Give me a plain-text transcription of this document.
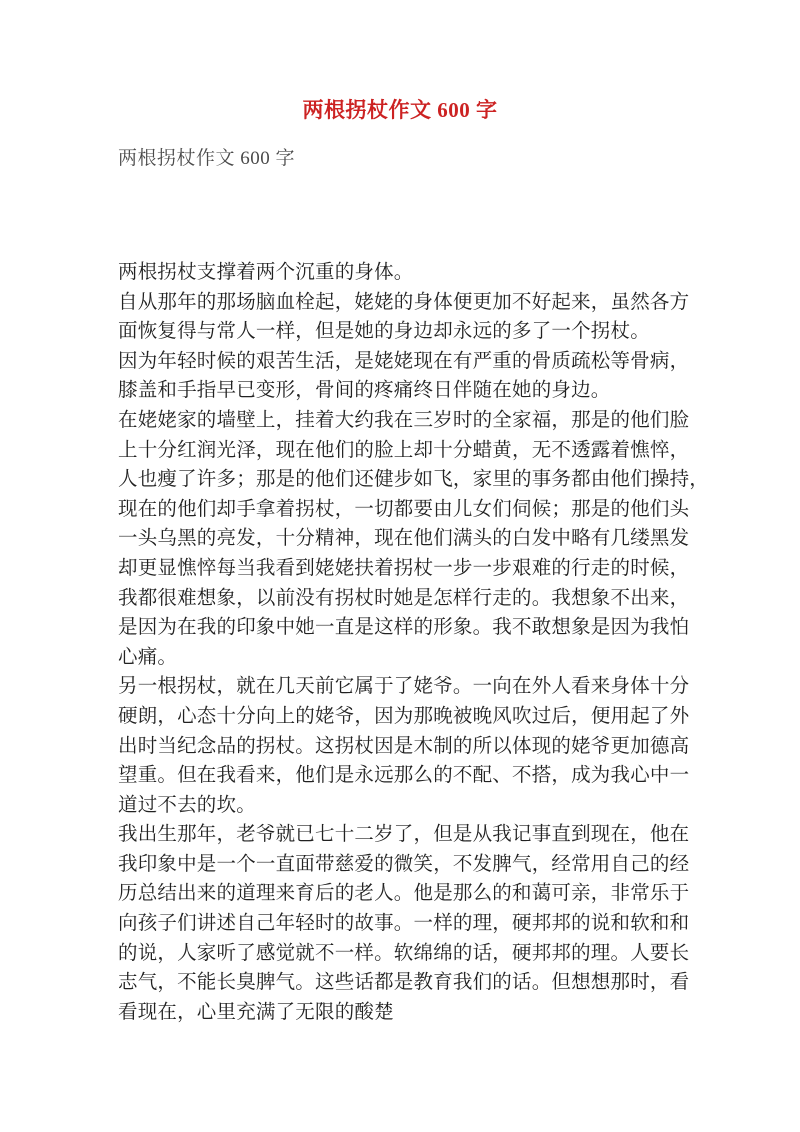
两根拐杖作文 600 字
两根拐杖作文 600 字
两根拐杖支撑着两个沉重的身体。
自从那年的那场脑血栓起，姥姥的身体便更加不好起来，虽然各方
面恢复得与常人一样，但是她的身边却永远的多了一个拐杖。
因为年轻时候的艰苦生活，是姥姥现在有严重的骨质疏松等骨病，
膝盖和手指早已变形，骨间的疼痛终日伴随在她的身边。
在姥姥家的墙壁上，挂着大约我在三岁时的全家福，那是的他们脸
上十分红润光泽，现在他们的脸上却十分蜡黄，无不透露着憔悴，
人也瘦了许多；那是的他们还健步如飞，家里的事务都由他们操持，
现在的他们却手拿着拐杖，一切都要由儿女们伺候；那是的他们头
一头乌黑的亮发，十分精神，现在他们满头的白发中略有几缕黑发
却更显憔悴每当我看到姥姥扶着拐杖一步一步艰难的行走的时候，
我都很难想象，以前没有拐杖时她是怎样行走的。我想象不出来，
是因为在我的印象中她一直是这样的形象。我不敢想象是因为我怕
心痛。
另一根拐杖，就在几天前它属于了姥爷。一向在外人看来身体十分
硬朗，心态十分向上的姥爷，因为那晚被晚风吹过后，便用起了外
出时当纪念品的拐杖。这拐杖因是木制的所以体现的姥爷更加德高
望重。但在我看来，他们是永远那么的不配、不搭，成为我心中一
道过不去的坎。
我出生那年，老爷就已七十二岁了，但是从我记事直到现在，他在
我印象中是一个一直面带慈爱的微笑，不发脾气，经常用自己的经
历总结出来的道理来育后的老人。他是那么的和蔼可亲，非常乐于
向孩子们讲述自己年轻时的故事。一样的理，硬邦邦的说和软和和
的说，人家听了感觉就不一样。软绵绵的话，硬邦邦的理。人要长
志气，不能长臭脾气。这些话都是教育我们的话。但想想那时，看
看现在，心里充满了无限的酸楚
